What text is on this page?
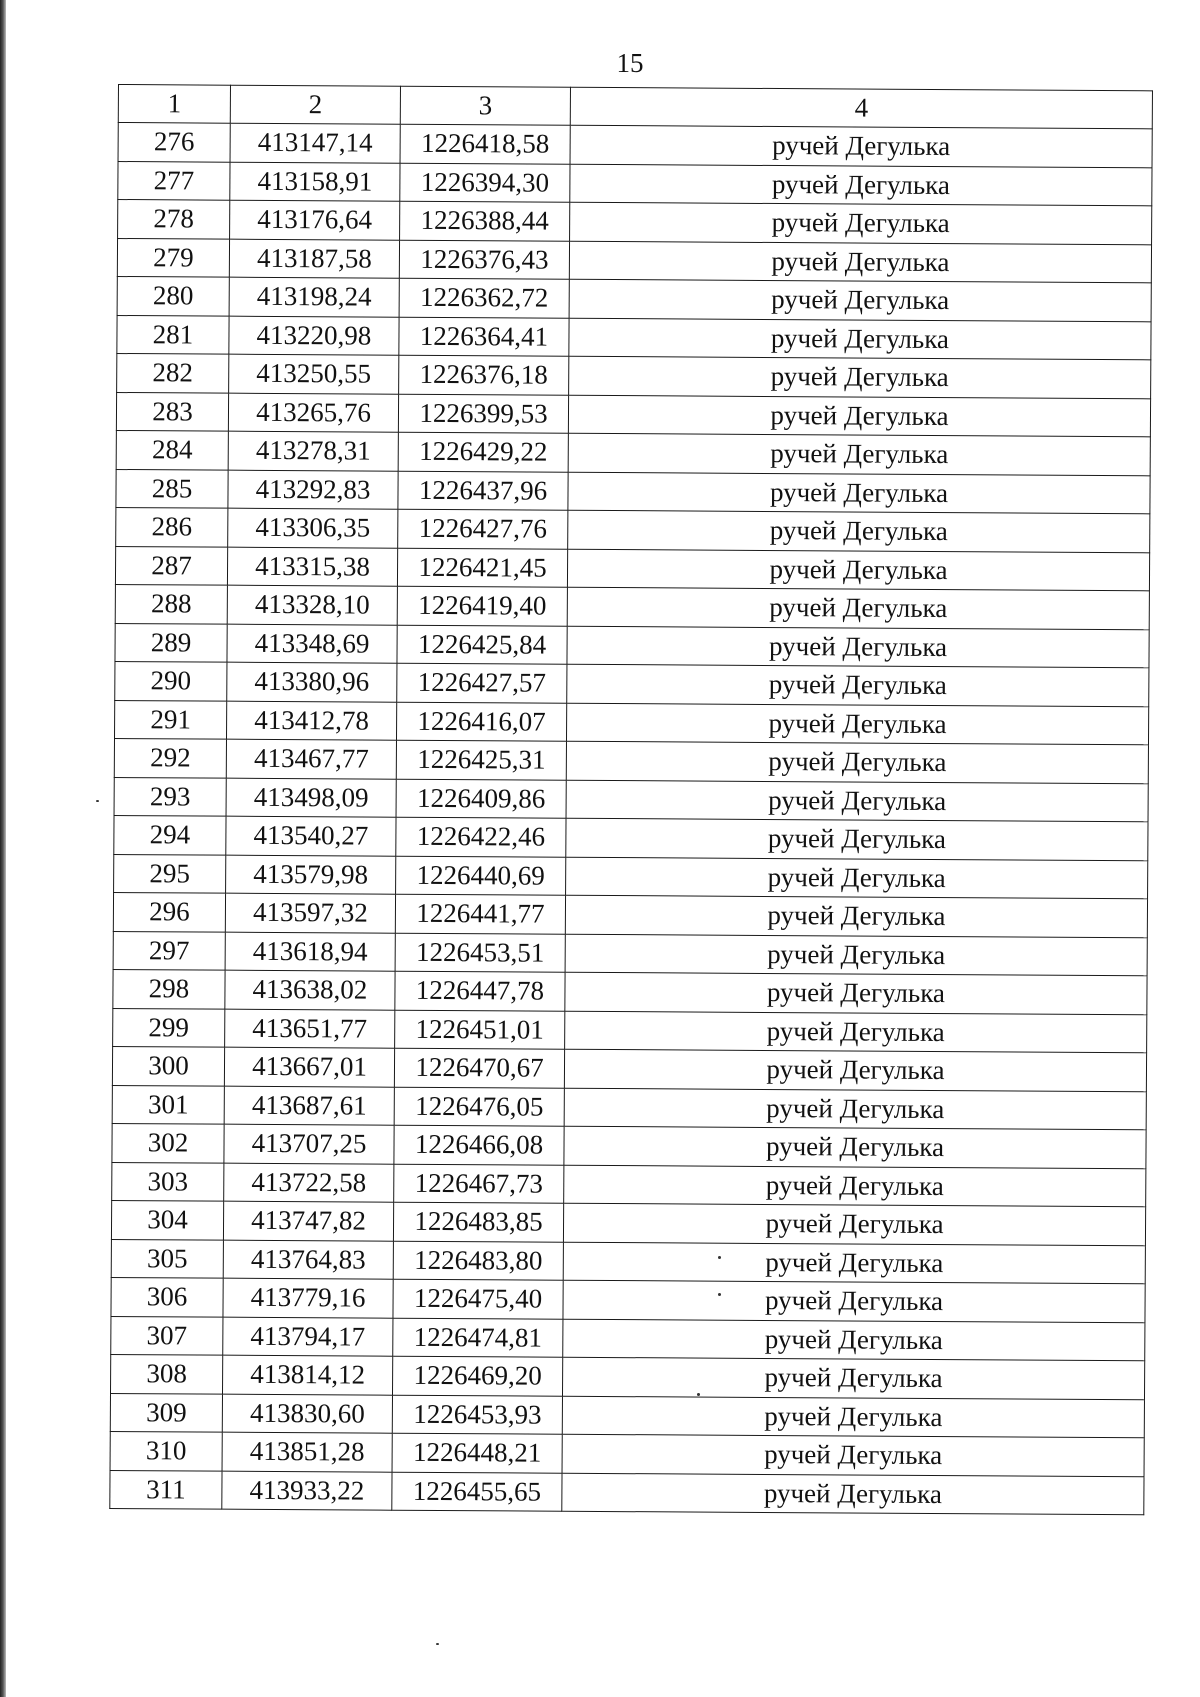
15
1	2	3	4
276	413147,14	1226418,58	ручей Дегулька
277	413158,91	1226394,30	ручей Дегулька
278	413176,64	1226388,44	ручей Дегулька
279	413187,58	1226376,43	ручей Дегулька
280	413198,24	1226362,72	ручей Дегулька
281	413220,98	1226364,41	ручей Дегулька
282	413250,55	1226376,18	ручей Дегулька
283	413265,76	1226399,53	ручей Дегулька
284	413278,31	1226429,22	ручей Дегулька
285	413292,83	1226437,96	ручей Дегулька
286	413306,35	1226427,76	ручей Дегулька
287	413315,38	1226421,45	ручей Дегулька
288	413328,10	1226419,40	ручей Дегулька
289	413348,69	1226425,84	ручей Дегулька
290	413380,96	1226427,57	ручей Дегулька
291	413412,78	1226416,07	ручей Дегулька
292	413467,77	1226425,31	ручей Дегулька
293	413498,09	1226409,86	ручей Дегулька
294	413540,27	1226422,46	ручей Дегулька
295	413579,98	1226440,69	ручей Дегулька
296	413597,32	1226441,77	ручей Дегулька
297	413618,94	1226453,51	ручей Дегулька
298	413638,02	1226447,78	ручей Дегулька
299	413651,77	1226451,01	ручей Дегулька
300	413667,01	1226470,67	ручей Дегулька
301	413687,61	1226476,05	ручей Дегулька
302	413707,25	1226466,08	ручей Дегулька
303	413722,58	1226467,73	ручей Дегулька
304	413747,82	1226483,85	ручей Дегулька
305	413764,83	1226483,80	ручей Дегулька
306	413779,16	1226475,40	ручей Дегулька
307	413794,17	1226474,81	ручей Дегулька
308	413814,12	1226469,20	ручей Дегулька
309	413830,60	1226453,93	ручей Дегулька
310	413851,28	1226448,21	ручей Дегулька
311	413933,22	1226455,65	ручей Дегулька
